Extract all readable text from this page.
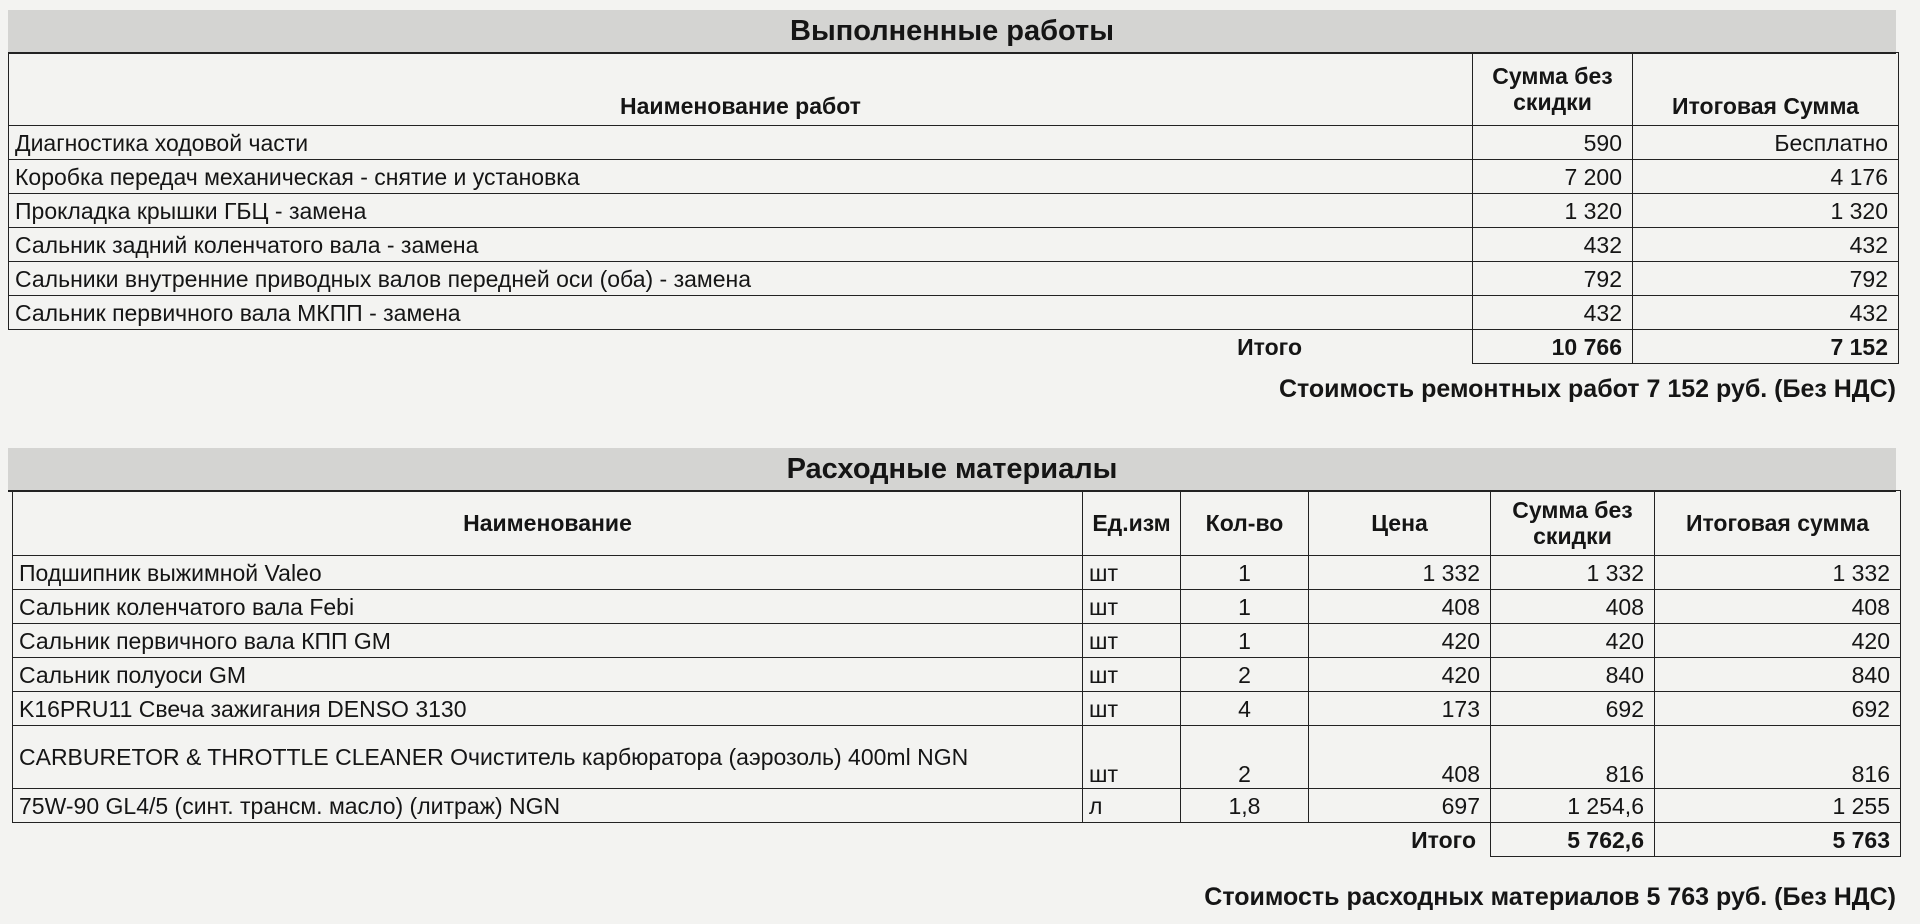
Выполненные работы
Наименование работ	Сумма без скидки	Итоговая Сумма
Диагностика ходовой части	590	Бесплатно
Коробка передач механическая - снятие и установка	7 200	4 176
Прокладка крышки ГБЦ - замена	1 320	1 320
Сальник задний коленчатого вала - замена	432	432
Сальники внутренние приводных валов передней оси (оба) - замена	792	792
Сальник первичного вала МКПП - замена	432	432
Итого	10 766	7 152
Стоимость ремонтных работ 7 152 руб. (Без НДС)
Расходные материалы
Наименование	Ед.изм	Кол-во	Цена	Сумма без скидки	Итоговая сумма
Подшипник выжимной Valeo	шт	1	1 332	1 332	1 332
Сальник коленчатого вала Febi	шт	1	408	408	408
Сальник первичного вала КПП GM	шт	1	420	420	420
Сальник полуоси GM	шт	2	420	840	840
K16PRU11 Свеча зажигания DENSO 3130	шт	4	173	692	692
CARBURETOR & THROTTLE CLEANER Очиститель карбюратора (аэрозоль) 400ml NGN	шт	2	408	816	816
75W-90 GL4/5 (синт. трансм. масло) (литраж) NGN	л	1,8	697	1 254,6	1 255
			Итого	5 762,6	5 763
Стоимость расходных материалов 5 763 руб. (Без НДС)
